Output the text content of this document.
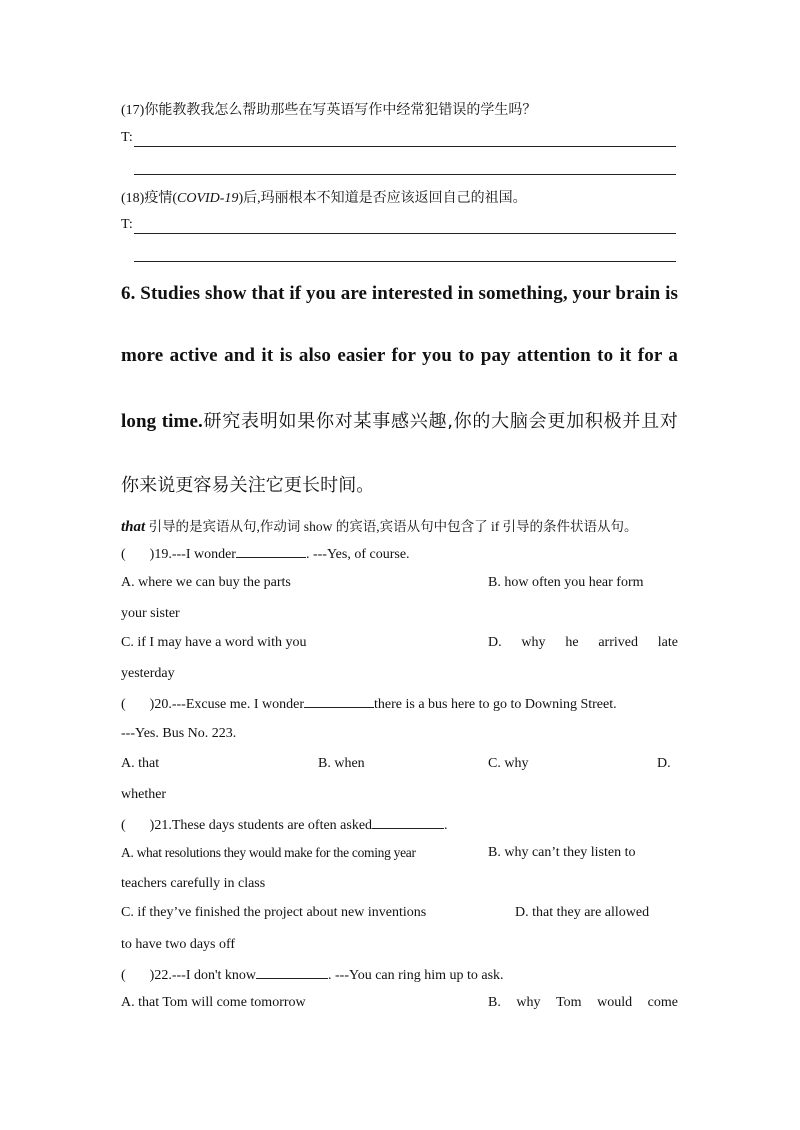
(17)你能教教我怎么帮助那些在写英语写作中经常犯错误的学生吗？
T:
(18)疫情(COVID-19)后,玛丽根本不知道是否应该返回自己的祖国。
T:
6. Studies show that if you are interested in something, your brain is
more active and it is also easier for you to pay attention to it for a
long time.研究表明如果你对某事感兴趣,你的大脑会更加积极并且对
你来说更容易关注它更长时间。
that 引导的是宾语从句,作动词 show 的宾语,宾语从句中包含了 if 引导的条件状语从句。
( )19.---I wonder	. ---Yes, of course.
A. where we can buy the parts	B. how often you hear form
your sister
C. if I may have a word with you	D. why he arrived late
yesterday
( )20.---Excuse me. I wonder	there is a bus here to go to Downing Street.
---Yes. Bus No. 223.
A. that	B. when	C. why	D.
whether
( )21.These days students are often asked	.
A. what resolutions they would make for the coming year	B. why can’t they listen to
teachers carefully in class
C. if they’ve finished the project about new inventions	D. that they are allowed
to have two days off
( )22.---I don't know	. ---You can ring him up to ask.
A. that Tom will come tomorrow	B. why Tom would come
